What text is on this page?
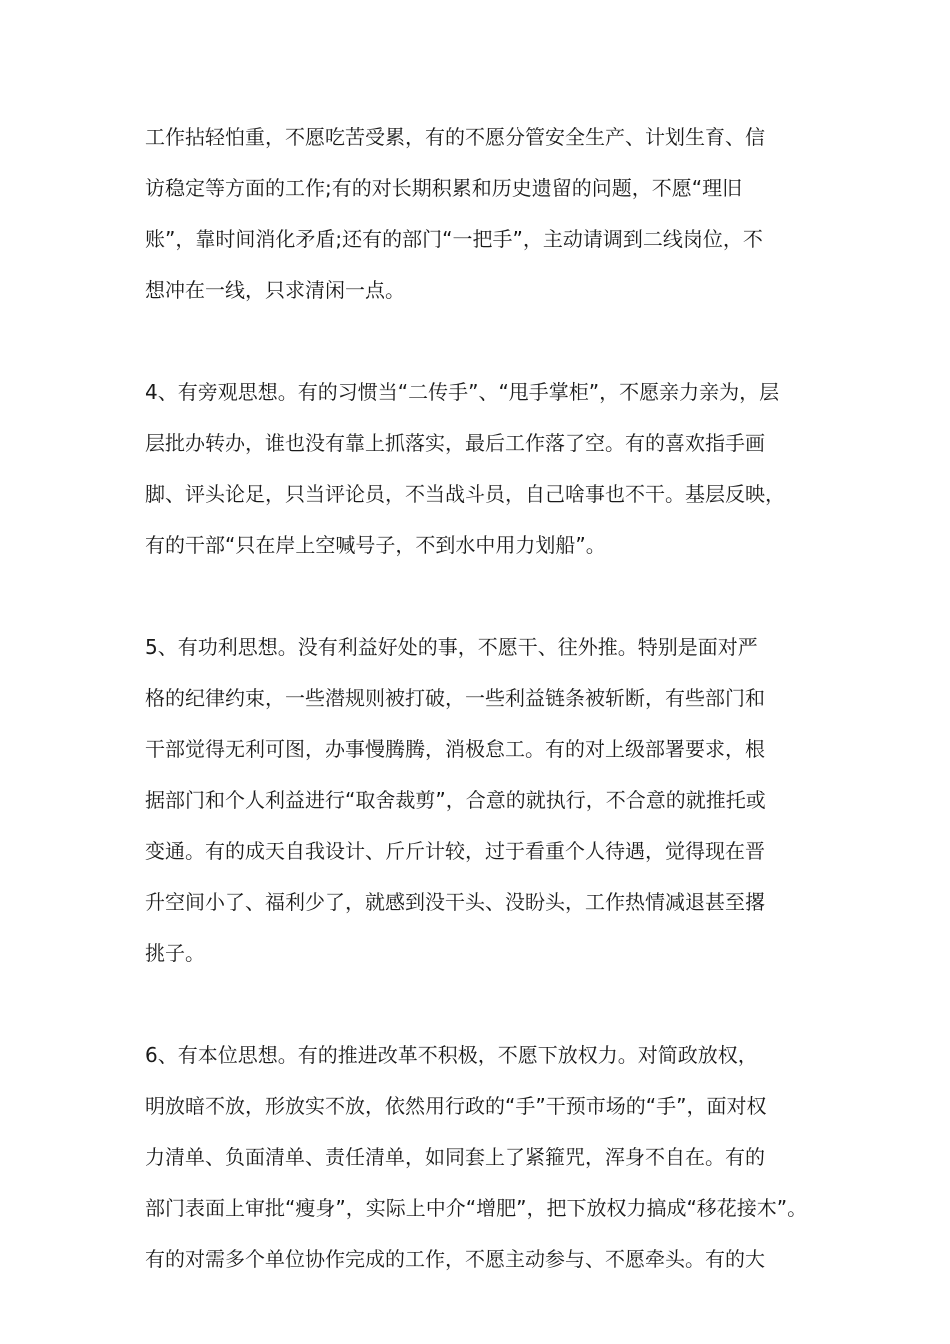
工作拈轻怕重，不愿吃苦受累，有的不愿分管安全生产、计划生育、信
访稳定等方面的工作;有的对长期积累和历史遗留的问题，不愿“理旧
账”，靠时间消化矛盾;还有的部门“一把手”，主动请调到二线岗位，不
想冲在一线，只求清闲一点。
4、有旁观思想。有的习惯当“二传手”、“甩手掌柜”，不愿亲力亲为，层
层批办转办，谁也没有靠上抓落实，最后工作落了空。有的喜欢指手画
脚、评头论足，只当评论员，不当战斗员，自己啥事也不干。基层反映，
有的干部“只在岸上空喊号子，不到水中用力划船”。
5、有功利思想。没有利益好处的事，不愿干、往外推。特别是面对严
格的纪律约束，一些潜规则被打破，一些利益链条被斩断，有些部门和
干部觉得无利可图，办事慢腾腾，消极怠工。有的对上级部署要求，根
据部门和个人利益进行“取舍裁剪”，合意的就执行，不合意的就推托或
变通。有的成天自我设计、斤斤计较，过于看重个人待遇，觉得现在晋
升空间小了、福利少了，就感到没干头、没盼头，工作热情减退甚至撂
挑子。
6、有本位思想。有的推进改革不积极，不愿下放权力。对简政放权，
明放暗不放，形放实不放，依然用行政的“手”干预市场的“手”，面对权
力清单、负面清单、责任清单，如同套上了紧箍咒，浑身不自在。有的
部门表面上审批“瘦身”，实际上中介“增肥”，把下放权力搞成“移花接木”。
有的对需多个单位协作完成的工作，不愿主动参与、不愿牵头。有的大
